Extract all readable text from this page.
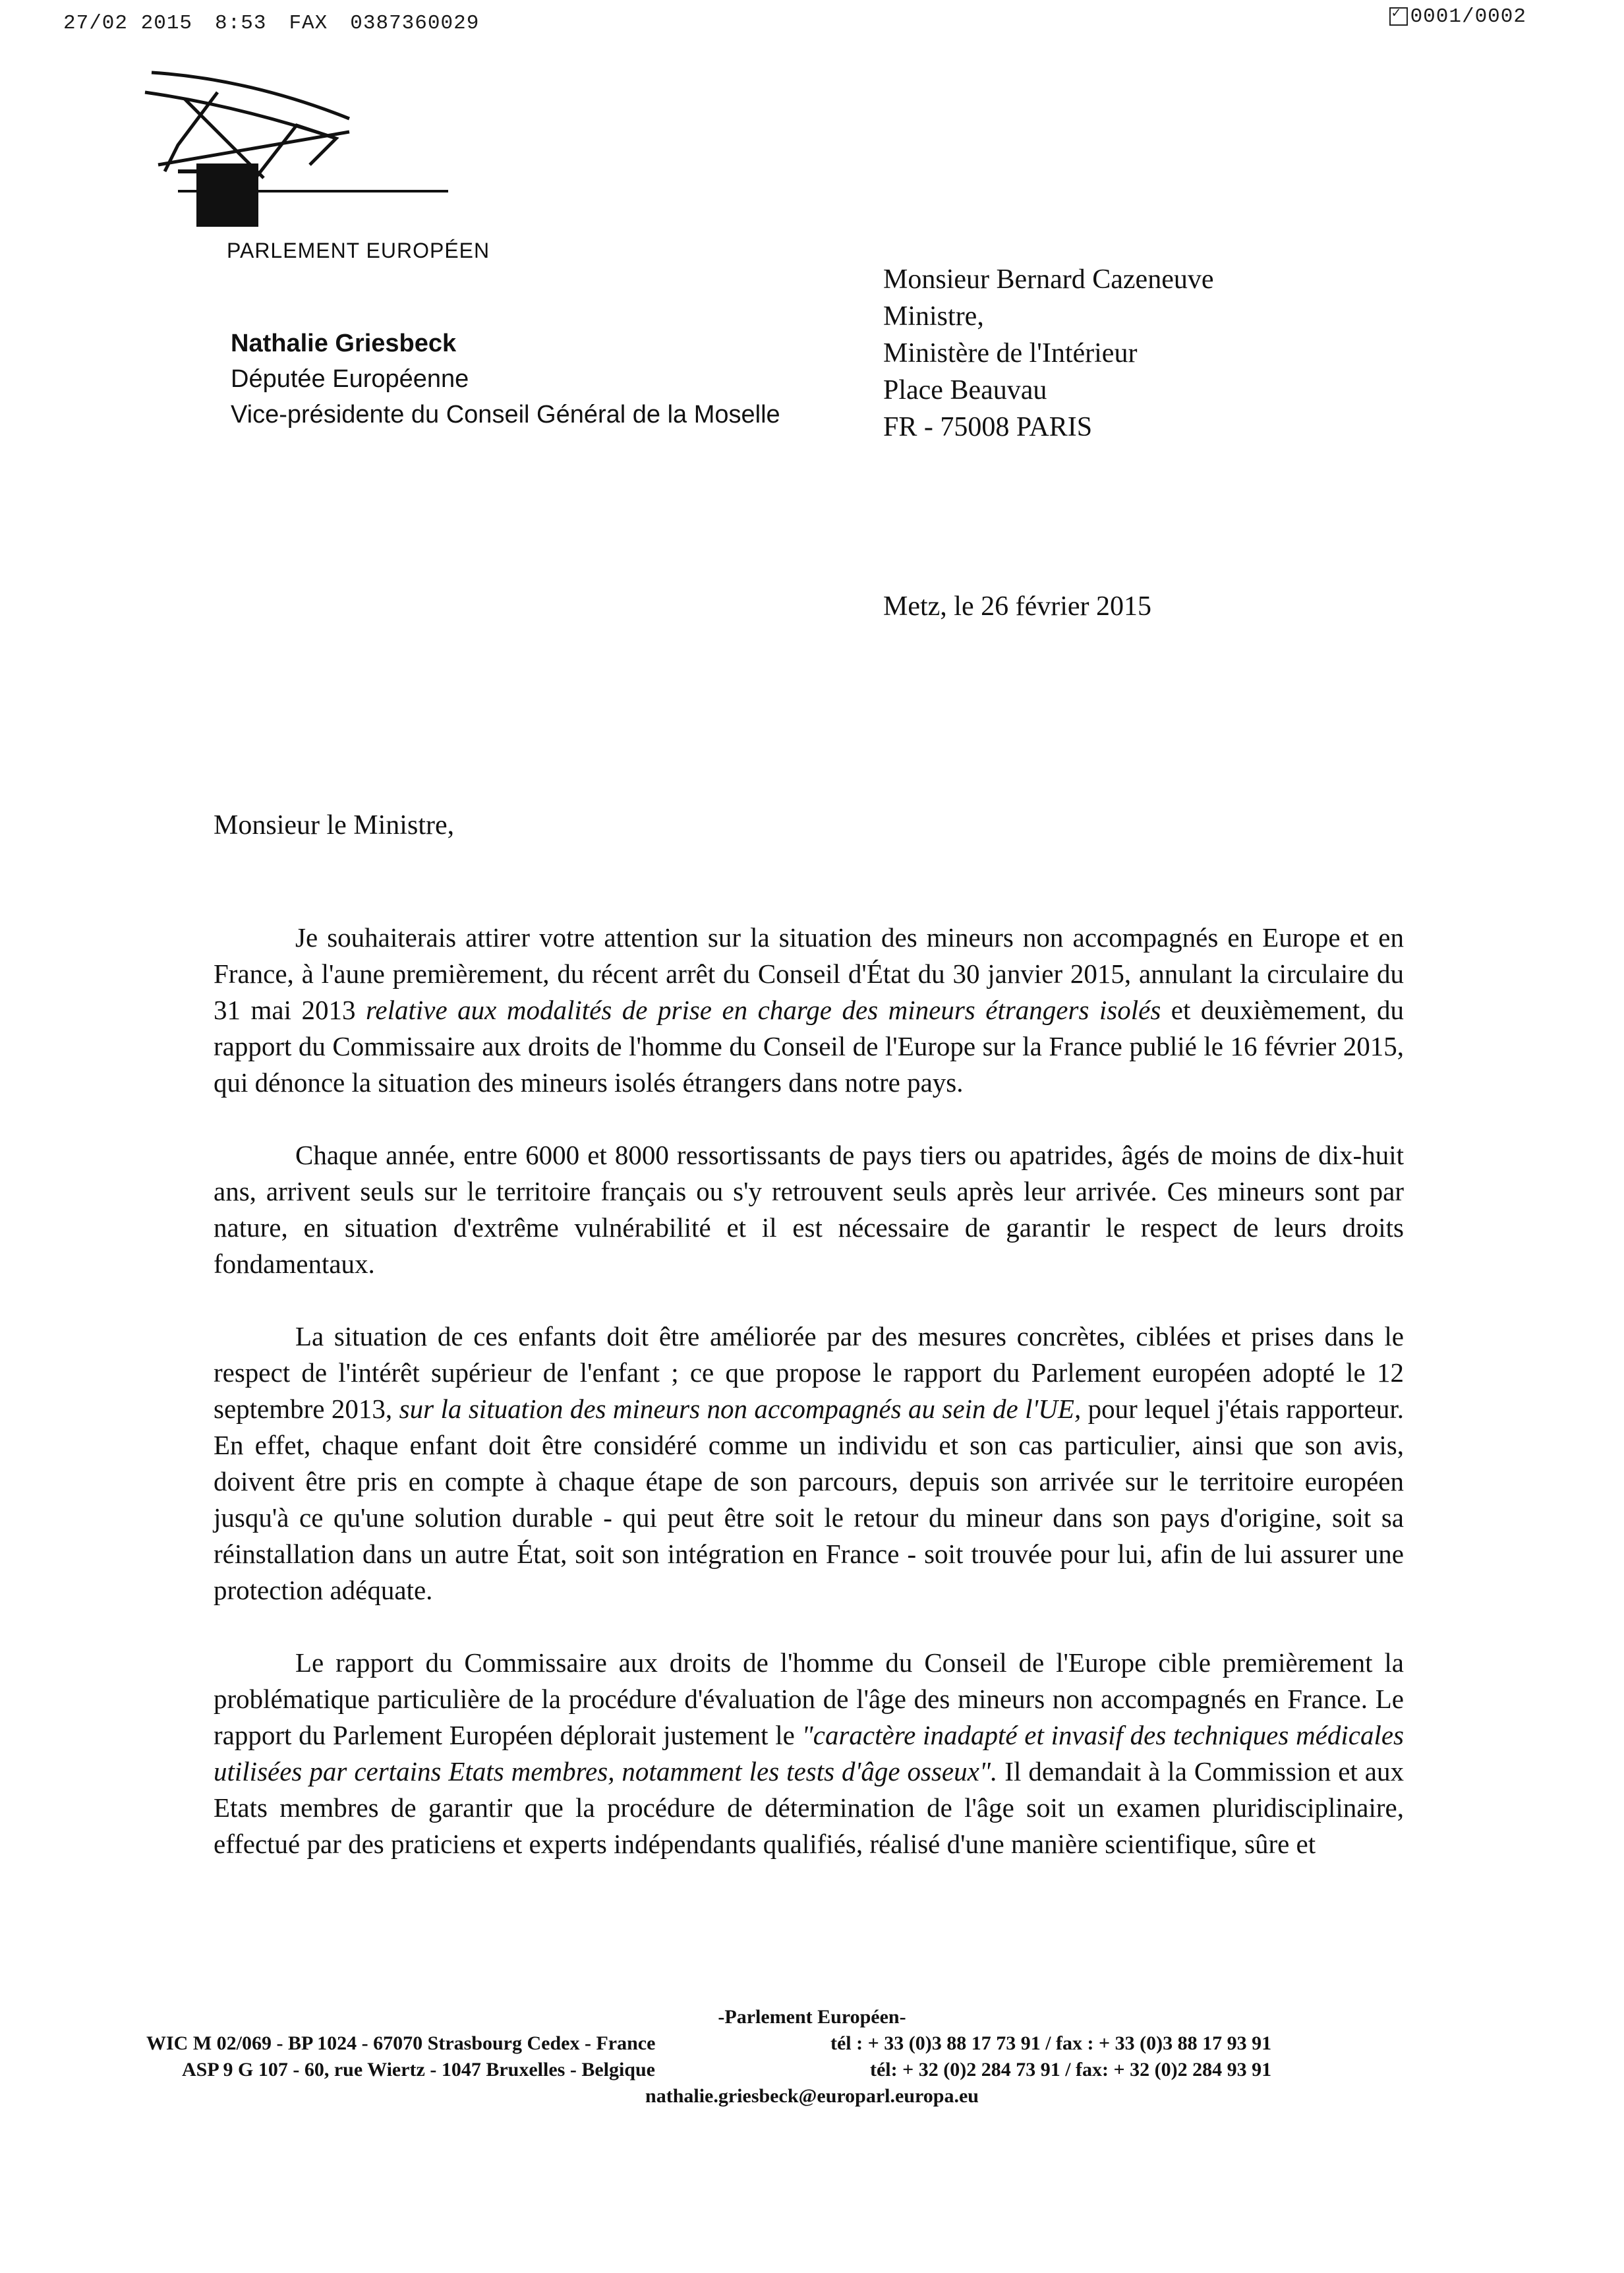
27/02 2015 8:53 FAX 0387360029
✓	0001/0002
PARLEMENT EUROPÉEN
Nathalie Griesbeck
Députée Européenne
Vice-présidente du Conseil Général de la Moselle
Monsieur Bernard Cazeneuve
Ministre,
Ministère de l'Intérieur
Place Beauvau
FR - 75008 PARIS
Metz, le 26 février 2015
Monsieur le Ministre,

Je souhaiterais attirer votre attention sur la situation des mineurs non accompagnés en Europe et en France, à l'aune premièrement, du récent arrêt du Conseil d'État du 30 janvier 2015, annulant la circulaire du 31 mai 2013 relative aux modalités de prise en charge des mineurs étrangers isolés et deuxièmement, du rapport du Commissaire aux droits de l'homme du Conseil de l'Europe sur la France publié le 16 février 2015, qui dénonce la situation des mineurs isolés étrangers dans notre pays.

Chaque année, entre 6000 et 8000 ressortissants de pays tiers ou apatrides, âgés de moins de dix-huit ans, arrivent seuls sur le territoire français ou s'y retrouvent seuls après leur arrivée. Ces mineurs sont par nature, en situation d'extrême vulnérabilité et il est nécessaire de garantir le respect de leurs droits fondamentaux.

La situation de ces enfants doit être améliorée par des mesures concrètes, ciblées et prises dans le respect de l'intérêt supérieur de l'enfant ; ce que propose le rapport du Parlement européen adopté le 12 septembre 2013, sur la situation des mineurs non accompagnés au sein de l'UE, pour lequel j'étais rapporteur. En effet, chaque enfant doit être considéré comme un individu et son cas particulier, ainsi que son avis, doivent être pris en compte à chaque étape de son parcours, depuis son arrivée sur le territoire européen jusqu'à ce qu'une solution durable - qui peut être soit le retour du mineur dans son pays d'origine, soit sa réinstallation dans un autre État, soit son intégration en France - soit trouvée pour lui, afin de lui assurer une protection adéquate.

Le rapport du Commissaire aux droits de l'homme du Conseil de l'Europe cible premièrement la problématique particulière de la procédure d'évaluation de l'âge des mineurs non accompagnés en France. Le rapport du Parlement Européen déplorait justement le "caractère inadapté et invasif des techniques médicales utilisées par certains Etats membres, notamment les tests d'âge osseux". Il demandait à la Commission et aux Etats membres de garantir que la procédure de détermination de l'âge soit un examen pluridisciplinaire, effectué par des praticiens et experts indépendants qualifiés, réalisé d'une manière scientifique, sûre et

-Parlement Européen-
WIC M 02/069 - BP 1024 - 67070 Strasbourg Cedex - France	tél : + 33 (0)3 88 17 73 91 / fax : + 33 (0)3 88 17 93 91
ASP 9 G 107 - 60, rue Wiertz - 1047 Bruxelles - Belgique	tél: + 32 (0)2 284 73 91 / fax: + 32 (0)2 284 93 91
nathalie.griesbeck@europarl.europa.eu
